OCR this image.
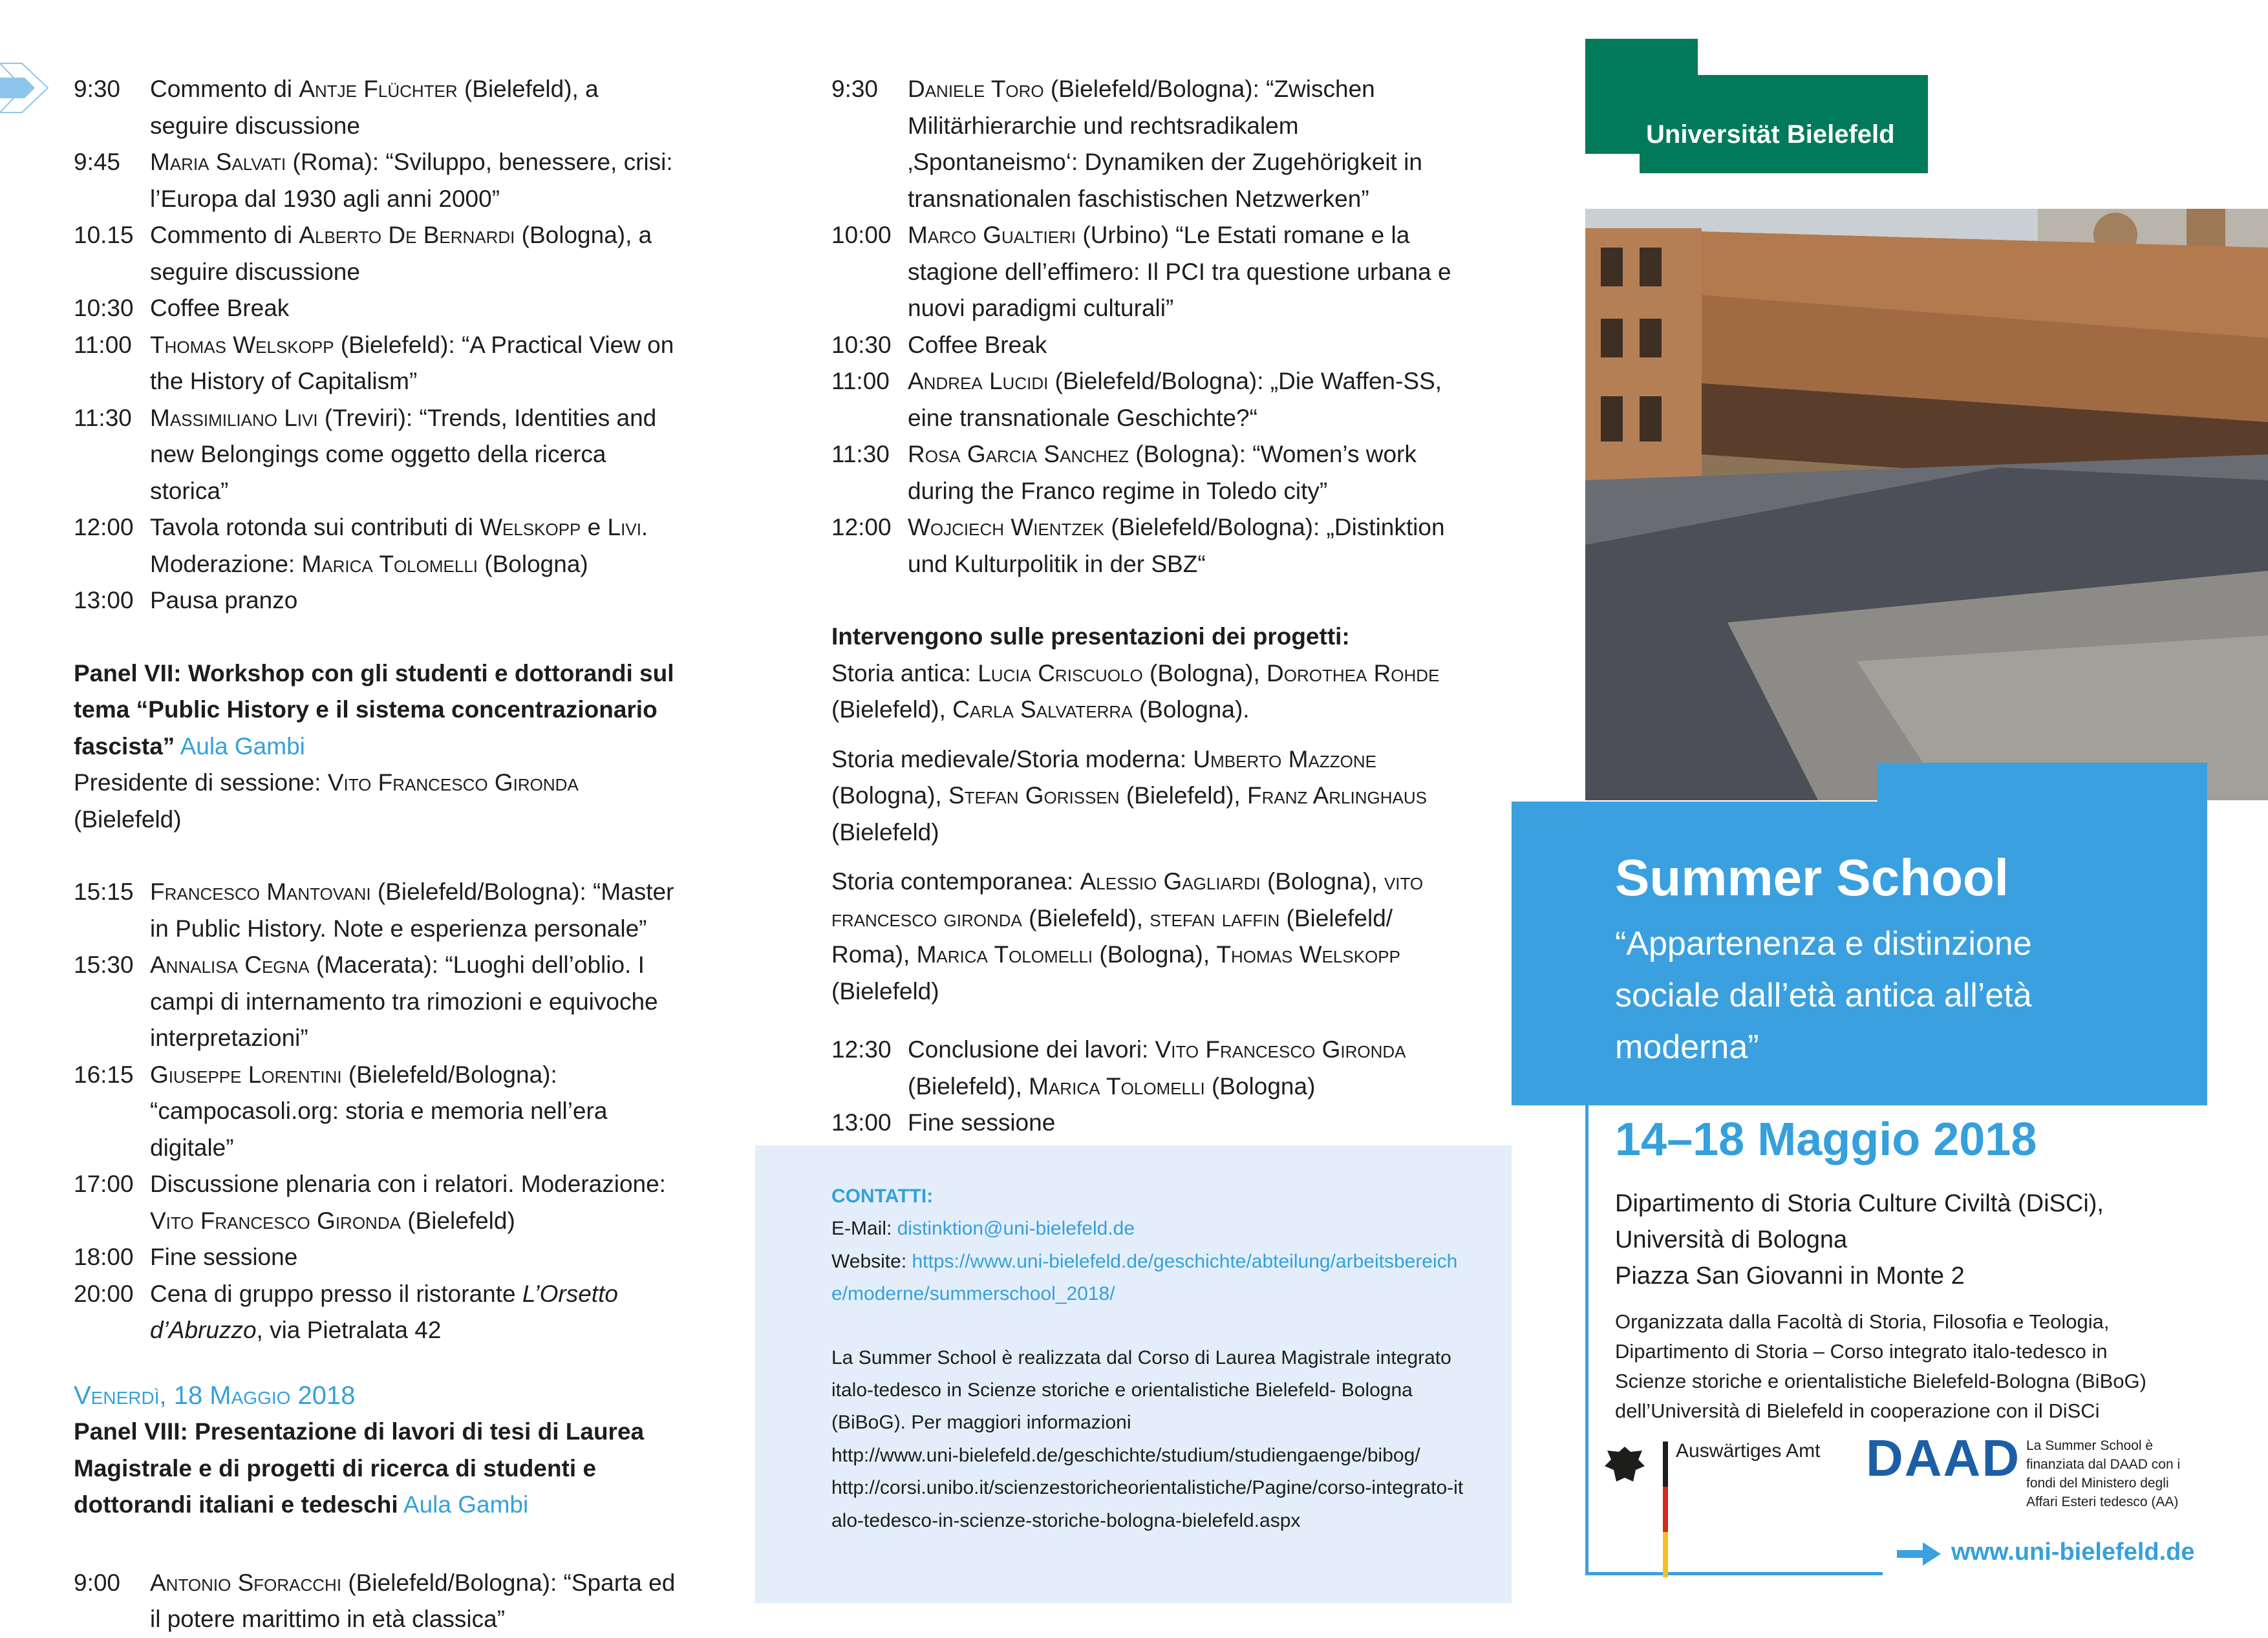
9:30	Commento di Antje Flüchter (Bielefeld), a seguire discussione
9:45	Maria Salvati (Roma): “Sviluppo, benessere, crisi: l’Europa dal 1930 agli anni 2000”
10.15 Commento di Alberto De Bernardi (Bologna), a seguire discussione
10:30 Coffee Break
11:00 Thomas Welskopp (Bielefeld): “A Practical View on the History of Capitalism”
11:30 Massimiliano Livi (Treviri): “Trends, Identities and new Belongings come oggetto della ricerca storica”
12:00 Tavola rotonda sui contributi di Welskopp e Livi.
Moderazione: Marica Tolomelli (Bologna)
13:00 Pausa pranzo
Panel VII: Workshop con gli studenti e dottorandi sul tema “Public History e il sistema concentrazionario fascista” Aula Gambi
Presidente di sessione: Vito Francesco Gironda (Bielefeld)
15:15 Francesco Mantovani (Bielefeld/Bologna): “Master in Public History. Note e esperienza personale”
15:30 Annalisa Cegna (Macerata): “Luoghi dell’oblio. I campi di internamento tra rimozioni e equivoche interpretazioni”
16:15 Giuseppe Lorentini (Bielefeld/Bologna): “campocasoli.org: storia e memoria nell’era digitale”
17:00 Discussione plenaria con i relatori. Moderazione:
Vito Francesco Gironda (Bielefeld)
18:00 Fine sessione
20:00 Cena di gruppo presso il ristorante L’Orsetto d’Abruzzo, via Pietralata 42
Venerdì, 18 Maggio 2018
Panel VIII: Presentazione di lavori di tesi di Laurea Magistrale e di progetti di ricerca di studenti e dottorandi italiani e tedeschi Aula Gambi
9:00	Antonio Sforacchi (Bielefeld/Bologna): “Sparta ed il potere marittimo in età classica”
9:30	Daniele Toro (Bielefeld/Bologna): “Zwischen Militärhierarchie und rechtsradikalem ‚Spontaneismo‘: Dynamiken der Zugehörigkeit in transnationalen faschistischen Netzwerken”
10:00 Marco Gualtieri (Urbino) “Le Estati romane e la stagione dell’effimero: Il PCI tra questione urbana e nuovi paradigmi culturali”
10:30 Coffee Break
11:00 Andrea Lucidi (Bielefeld/Bologna): „Die Waffen-SS, eine transnationale Geschichte?“
11:30 Rosa Garcia Sanchez (Bologna): “Women’s work during the Franco regime in Toledo city”
12:00 Wojciech Wientzek (Bielefeld/Bologna): „Distinktion und Kulturpolitik in der SBZ“
Intervengono sulle presentazioni dei progetti:

Storia antica: Lucia Criscuolo (Bologna), Dorothea Rohde (Bielefeld), Carla Salvaterra (Bologna).

Storia medievale/Storia moderna: Umberto Mazzone (Bologna), Stefan Gorißen (Bielefeld), Franz Arlinghaus (Bielefeld)

Storia contemporanea: Alessio Gagliardi (Bologna), vito francesco gironda (Bielefeld), stefan laffin (Bielefeld/ Roma), Marica Tolomelli (Bologna), Thomas Welskopp (Bielefeld)

12:30 Conclusione dei lavori: Vito Francesco Gironda (Bielefeld), Marica Tolomelli (Bologna)
13:00 Fine sessione
CONTATTI:
E-Mail: distinktion@uni-bielefeld.de
Website: https://www.uni-bielefeld.de/geschichte/abteilung/arbeitsbereiche/moderne/summerschool_2018/
La Summer School è realizzata dal Corso di Laurea Magistrale integrato italo-tedesco in Scienze storiche e orientalistiche Bielefeld- Bologna (BiBoG). Per maggiori informazioni
http://www.uni-bielefeld.de/geschichte/studium/studiengaenge/bibog/
http://corsi.unibo.it/scienzestoricheorientalistiche/Pagine/corso-integrato-italo-tedesco-in-scienze-storiche-bologna-bielefeld.aspx
Universität Bielefeld
Summer School
“Appartenenza e distinzione sociale dall’età antica all’età moderna”
14–18 Maggio 2018
Dipartimento di Storia Culture Civiltà (DiSCi),
Università di Bologna
Piazza San Giovanni in Monte 2
Organizzata dalla Facoltà di Storia, Filosofia e Teologia, Dipartimento di Storia – Corso integrato italo-tedesco in Scienze storiche e orientalistiche Bielefeld-Bologna (BiBoG) dell’Università di Bielefeld in cooperazione con il DiSCi
Auswärtiges Amt DAAD La Summer School è finanziata dal DAAD con i fondi del Ministero degli Affari Esteri tedesco (AA)
www.uni-bielefeld.de
